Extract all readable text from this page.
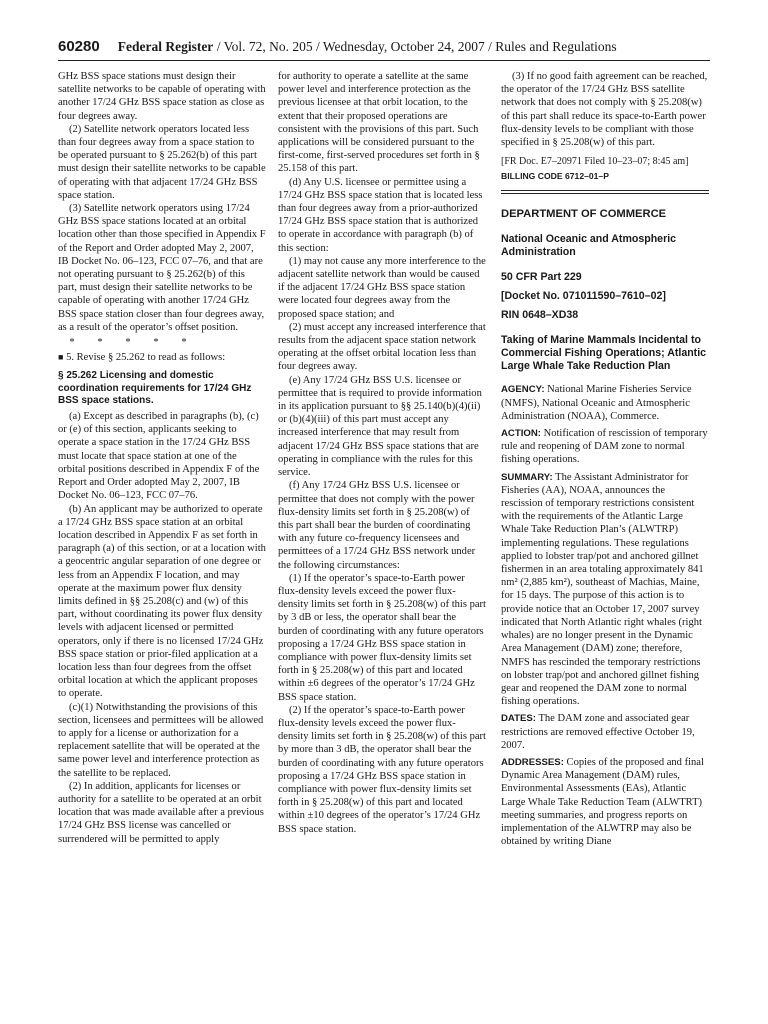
60280 Federal Register / Vol. 72, No. 205 / Wednesday, October 24, 2007 / Rules and Regulations

GHz BSS space stations must design their satellite networks to be capable of operating with another 17/24 GHz BSS space station as close as four degrees away.

(2) Satellite network operators located less than four degrees away from a space station to be operated pursuant to § 25.262(b) of this part must design their satellite networks to be capable of operating with that adjacent 17/24 GHz BSS space station.

(3) Satellite network operators using 17/24 GHz BSS space stations located at an orbital location other than those specified in Appendix F of the Report and Order adopted May 2, 2007, IB Docket No. 06–123, FCC 07–76, and that are not operating pursuant to § 25.262(b) of this part, must design their satellite networks to be capable of operating with another 17/24 GHz BSS space station closer than four degrees away, as a result of the operator’s offset position.

* * * * *

■ 5. Revise § 25.262 to read as follows:

§ 25.262 Licensing and domestic coordination requirements for 17/24 GHz BSS space stations.

(a) Except as described in paragraphs (b), (c) or (e) of this section, applicants seeking to operate a space station in the 17/24 GHz BSS must locate that space station at one of the orbital positions described in Appendix F of the Report and Order adopted May 2, 2007, IB Docket No. 06–123, FCC 07–76.

(b) An applicant may be authorized to operate a 17/24 GHz BSS space station at an orbital location described in Appendix F as set forth in paragraph (a) of this section, or at a location with a geocentric angular separation of one degree or less from an Appendix F location, and may operate at the maximum power flux density limits defined in §§ 25.208(c) and (w) of this part, without coordinating its power flux density levels with adjacent licensed or permitted operators, only if there is no licensed 17/24 GHz BSS space station or prior-filed application at a location less than four degrees from the offset orbital location at which the applicant proposes to operate.

(c)(1) Notwithstanding the provisions of this section, licensees and permittees will be allowed to apply for a license or authorization for a replacement satellite that will be operated at the same power level and interference protection as the satellite to be replaced.

(2) In addition, applicants for licenses or authority for a satellite to be operated at an orbit location that was made available after a previous 17/24 GHz BSS license was cancelled or surrendered will be permitted to apply

for authority to operate a satellite at the same power level and interference protection as the previous licensee at that orbit location, to the extent that their proposed operations are consistent with the provisions of this part. Such applications will be considered pursuant to the first-come, first-served procedures set forth in § 25.158 of this part.

(d) Any U.S. licensee or permittee using a 17/24 GHz BSS space station that is located less than four degrees away from a prior-authorized 17/24 GHz BSS space station that is authorized to operate in accordance with paragraph (b) of this section:

(1) may not cause any more interference to the adjacent satellite network than would be caused if the adjacent 17/24 GHz BSS space station were located four degrees away from the proposed space station; and

(2) must accept any increased interference that results from the adjacent space station network operating at the offset orbital location less than four degrees away.

(e) Any 17/24 GHz BSS U.S. licensee or permittee that is required to provide information in its application pursuant to §§ 25.140(b)(4)(ii) or (b)(4)(iii) of this part must accept any increased interference that may result from adjacent 17/24 GHz BSS space stations that are operating in compliance with the rules for this service.

(f) Any 17/24 GHz BSS U.S. licensee or permittee that does not comply with the power flux-density limits set forth in § 25.208(w) of this part shall bear the burden of coordinating with any future co-frequency licensees and permittees of a 17/24 GHz BSS network under the following circumstances:

(1) If the operator’s space-to-Earth power flux-density levels exceed the power flux-density limits set forth in § 25.208(w) of this part by 3 dB or less, the operator shall bear the burden of coordinating with any future operators proposing a 17/24 GHz BSS space station in compliance with power flux-density limits set forth in § 25.208(w) of this part and located within ±6 degrees of the operator’s 17/24 GHz BSS space station.

(2) If the operator’s space-to-Earth power flux-density levels exceed the power flux-density limits set forth in § 25.208(w) of this part by more than 3 dB, the operator shall bear the burden of coordinating with any future operators proposing a 17/24 GHz BSS space station in compliance with power flux-density limits set forth in § 25.208(w) of this part and located within ±10 degrees of the operator’s 17/24 GHz BSS space station.

(3) If no good faith agreement can be reached, the operator of the 17/24 GHz BSS satellite network that does not comply with § 25.208(w) of this part shall reduce its space-to-Earth power flux-density levels to be compliant with those specified in § 25.208(w) of this part.

[FR Doc. E7–20971 Filed 10–23–07; 8:45 am]
BILLING CODE 6712–01–P
DEPARTMENT OF COMMERCE
National Oceanic and Atmospheric Administration
50 CFR Part 229
[Docket No. 071011590–7610–02]
RIN 0648–XD38
Taking of Marine Mammals Incidental to Commercial Fishing Operations; Atlantic Large Whale Take Reduction Plan

AGENCY: National Marine Fisheries Service (NMFS), National Oceanic and Atmospheric Administration (NOAA), Commerce.

ACTION: Notification of rescission of temporary rule and reopening of DAM zone to normal fishing operations.

SUMMARY: The Assistant Administrator for Fisheries (AA), NOAA, announces the rescission of temporary restrictions consistent with the requirements of the Atlantic Large Whale Take Reduction Plan’s (ALWTRP) implementing regulations. These regulations applied to lobster trap/pot and anchored gillnet fishermen in an area totaling approximately 841 nm² (2,885 km²), southeast of Machias, Maine, for 15 days. The purpose of this action is to provide notice that an October 17, 2007 survey indicated that North Atlantic right whales (right whales) are no longer present in the Dynamic Area Management (DAM) zone; therefore, NMFS has rescinded the temporary restrictions on lobster trap/pot and anchored gillnet fishing gear and reopened the DAM zone to normal fishing operations.

DATES: The DAM zone and associated gear restrictions are removed effective October 19, 2007.

ADDRESSES: Copies of the proposed and final Dynamic Area Management (DAM) rules, Environmental Assessments (EAs), Atlantic Large Whale Take Reduction Team (ALWTRT) meeting summaries, and progress reports on implementation of the ALWTRP may also be obtained by writing Diane
